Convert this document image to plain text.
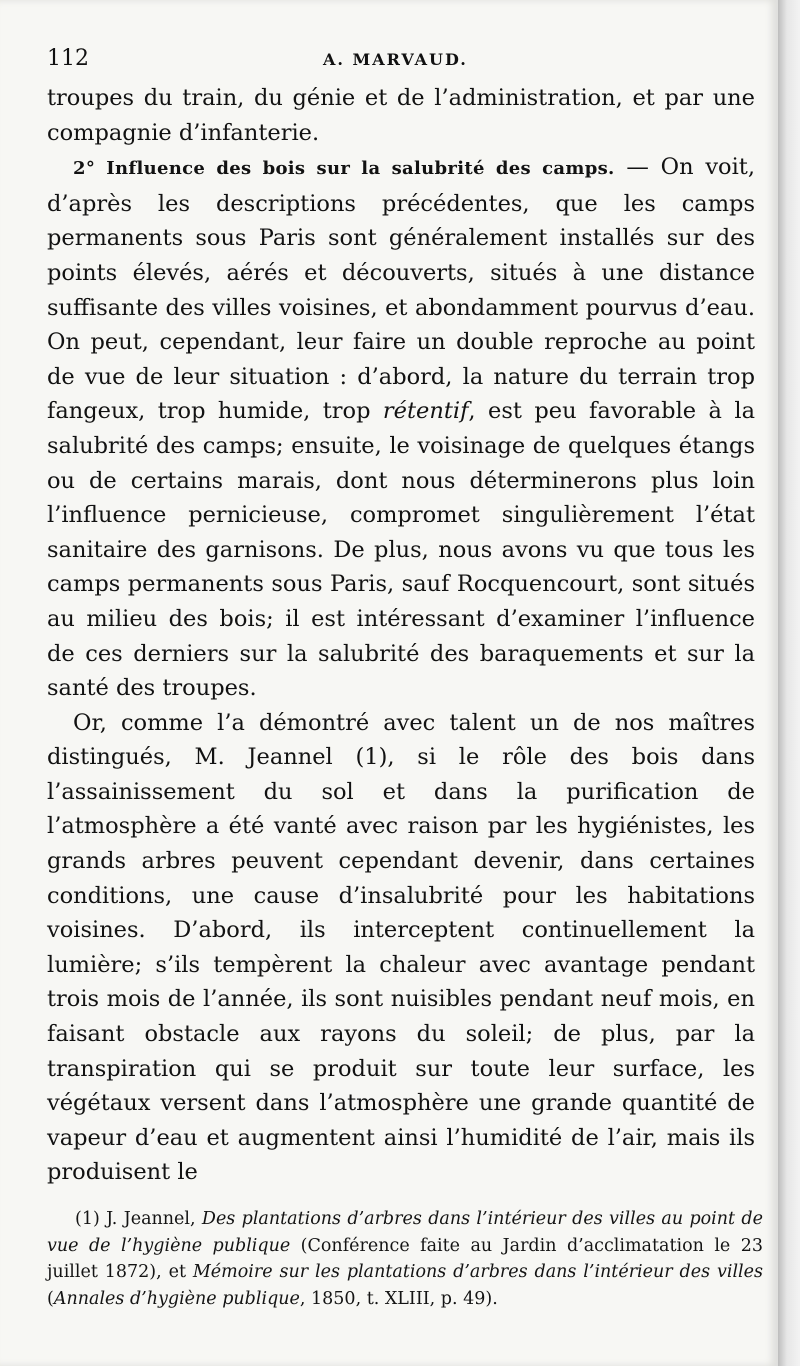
112	A. MARVAUD.

troupes du train, du génie et de l’administration, et par une compagnie d’infanterie.

2° Influence des bois sur la salubrité des camps. — On voit, d’après les descriptions précédentes, que les camps permanents sous Paris sont généralement installés sur des points élevés, aérés et découverts, situés à une distance suffisante des villes voisines, et abondamment pourvus d’eau. On peut, cependant, leur faire un double reproche au point de vue de leur situation : d’abord, la nature du terrain trop fangeux, trop humide, trop rétentif, est peu favorable à la salubrité des camps; ensuite, le voisinage de quelques étangs ou de certains marais, dont nous déterminerons plus loin l’influence pernicieuse, compromet singulièrement l’état sanitaire des garnisons. De plus, nous avons vu que tous les camps permanents sous Paris, sauf Rocquencourt, sont situés au milieu des bois; il est intéressant d’examiner l’influence de ces derniers sur la salubrité des baraquements et sur la santé des troupes.

Or, comme l’a démontré avec talent un de nos maîtres distingués, M. Jeannel (1), si le rôle des bois dans l’assainissement du sol et dans la purification de l’atmosphère a été vanté avec raison par les hygiénistes, les grands arbres peuvent cependant devenir, dans certaines conditions, une cause d’insalubrité pour les habitations voisines. D’abord, ils interceptent continuellement la lumière; s’ils tempèrent la chaleur avec avantage pendant trois mois de l’année, ils sont nuisibles pendant neuf mois, en faisant obstacle aux rayons du soleil; de plus, par la transpiration qui se produit sur toute leur surface, les végétaux versent dans l’atmosphère une grande quantité de vapeur d’eau et augmentent ainsi l’humidité de l’air, mais ils produisent le

(1) J. Jeannel, Des plantations d’arbres dans l’intérieur des villes au point de vue de l’hygiène publique (Conférence faite au Jardin d’acclimatation le 23 juillet 1872), et Mémoire sur les plantations d’arbres dans l’intérieur des villes (Annales d’hygiène publique, 1850, t. XLIII, p. 49).
